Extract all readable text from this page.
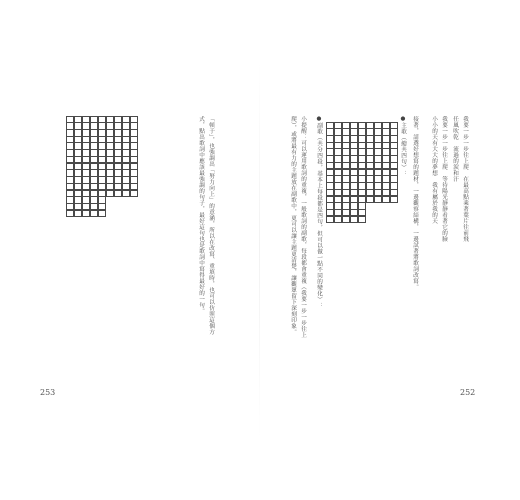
「頓于」，也強調出「努力向上」的意涵，所以在改寫、重填時，也可以仿照這個方
式，點出歌詞中應該最強調的句子，最好這句也是歌詞中寫得最好的一句。
253
我要一步一步往上爬　在最高點乘著葉片往前飛
任風吹乾　流過的淚和汗
我要一步一步往上爬　等待陽光靜靜看著它的臉
小小的天有大大的夢想　我有屬於我的天
接著，請選好想寫的題材，一邊觀察結構，一邊試著將歌詞改寫。
●主歌（總共四句）：
●副歌（共分四段，基本上每段都是四句，但可以做一點不同的變化）：
小提醒：可以運用歌詞的重複，一般歌詞的副歌，每段都會重複（我要一步一步往上
爬），或將最有力的主題放在副歌中，更可以讓主題更清楚，讓觀眾留下深刻印象。
252
